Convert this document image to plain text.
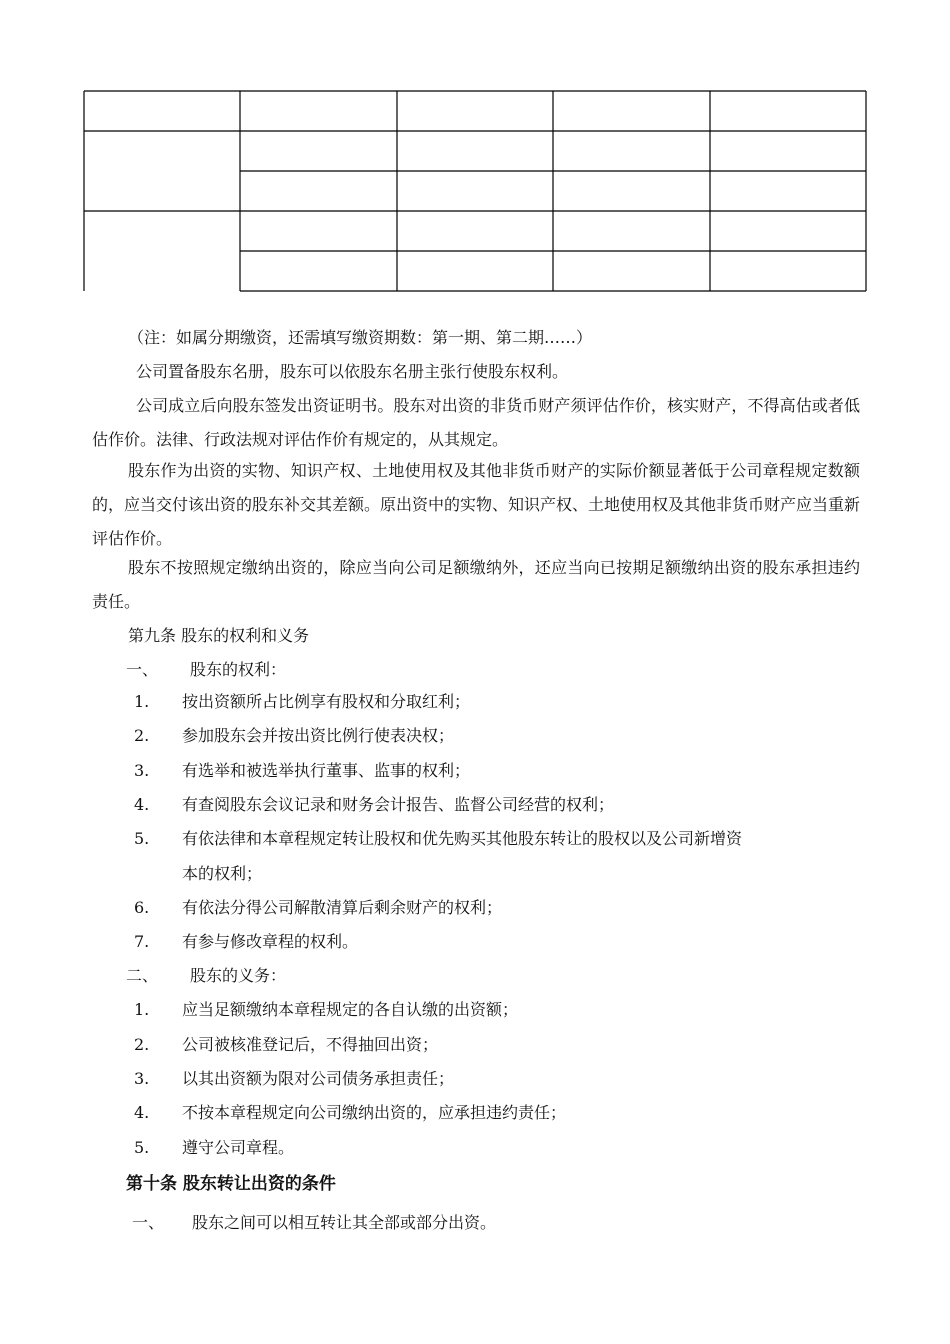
（注：如属分期缴资，还需填写缴资期数：第一期、第二期……）
公司置备股东名册，股东可以依股东名册主张行使股东权利。
公司成立后向股东签发出资证明书。股东对出资的非货币财产须评估作价，核实财产，不得高估或者低估作价。法律、行政法规对评估作价有规定的，从其规定。
股东作为出资的实物、知识产权、土地使用权及其他非货币财产的实际价额显著低于公司章程规定数额的，应当交付该出资的股东补交其差额。原出资中的实物、知识产权、土地使用权及其他非货币财产应当重新评估作价。
股东不按照规定缴纳出资的，除应当向公司足额缴纳外，还应当向已按期足额缴纳出资的股东承担违约责任。
第九条 股东的权利和义务
一、 股东的权利：
1. 按出资额所占比例享有股权和分取红利；
2. 参加股东会并按出资比例行使表决权；
3. 有选举和被选举执行董事、监事的权利；
4. 有查阅股东会议记录和财务会计报告、监督公司经营的权利；
5. 有依法律和本章程规定转让股权和优先购买其他股东转让的股权以及公司新增资
本的权利；
6. 有依法分得公司解散清算后剩余财产的权利；
7. 有参与修改章程的权利。
二、 股东的义务：
1. 应当足额缴纳本章程规定的各自认缴的出资额；
2. 公司被核准登记后，不得抽回出资；
3. 以其出资额为限对公司债务承担责任；
4. 不按本章程规定向公司缴纳出资的，应承担违约责任；
5. 遵守公司章程。
第十条 股东转让出资的条件
一、 股东之间可以相互转让其全部或部分出资。
